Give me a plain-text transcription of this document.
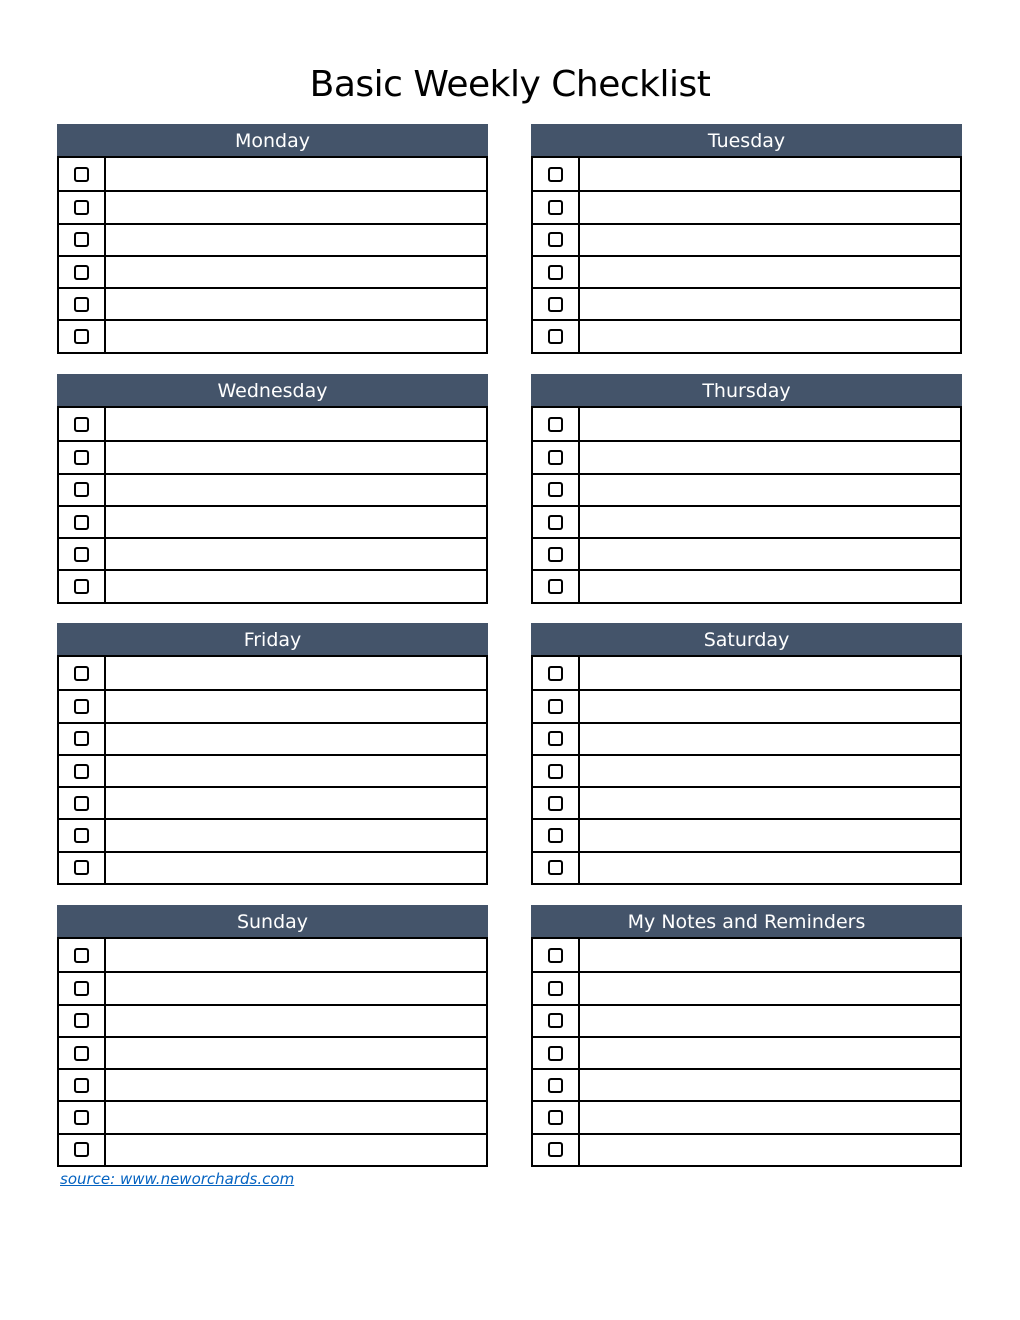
Basic Weekly Checklist
Monday	Tuesday
Wednesday	Thursday
Friday	Saturday
Sunday	My Notes and Reminders
source: www.neworchards.com
